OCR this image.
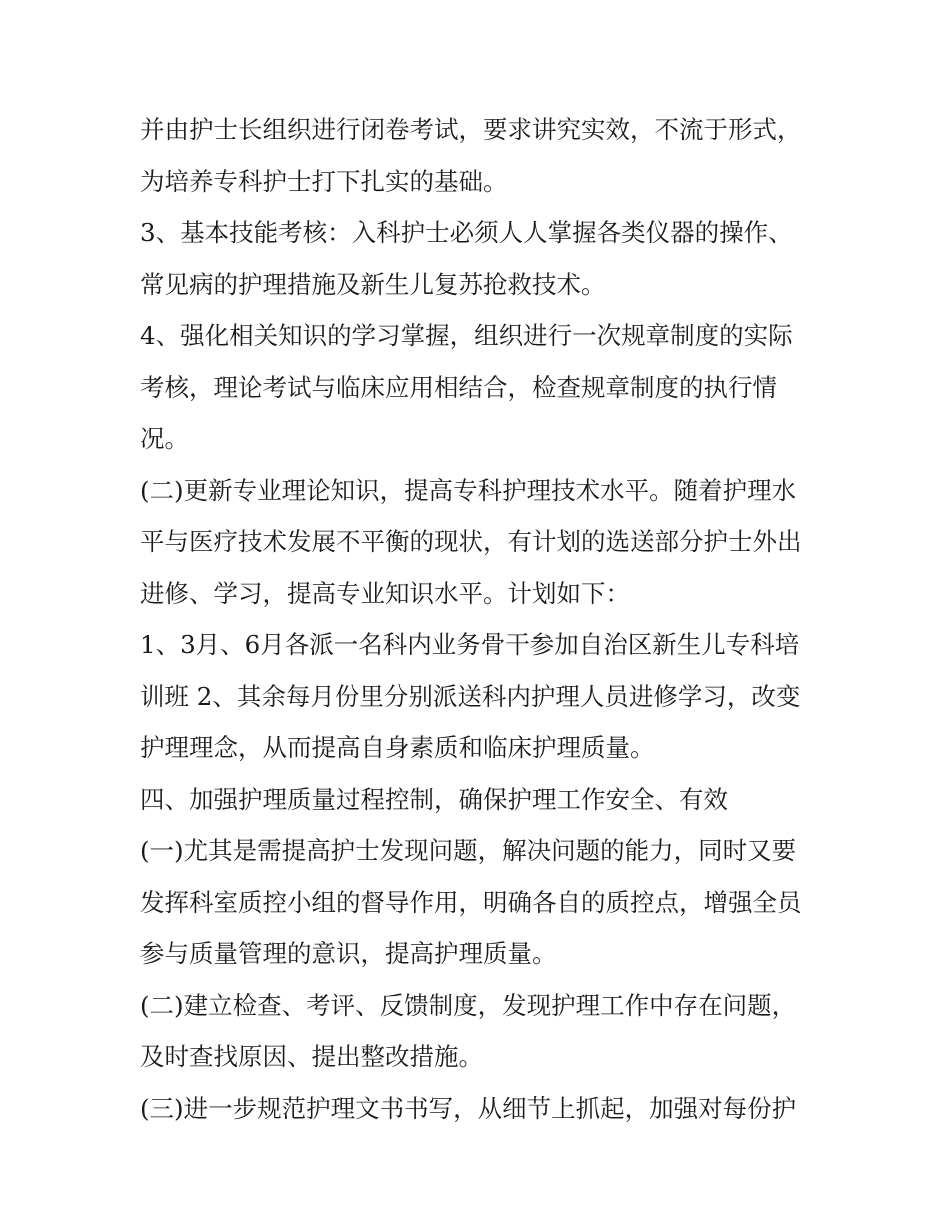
并由护士长组织进行闭卷考试，要求讲究实效，不流于形式，
为培养专科护士打下扎实的基础。
3、基本技能考核：入科护士必须人人掌握各类仪器的操作、
常见病的护理措施及新生儿复苏抢救技术。
4、强化相关知识的学习掌握，组织进行一次规章制度的实际
考核，理论考试与临床应用相结合，检查规章制度的执行情
况。
(二)更新专业理论知识，提高专科护理技术水平。随着护理水
平与医疗技术发展不平衡的现状，有计划的选送部分护士外出
进修、学习，提高专业知识水平。计划如下：
1、3月、6月各派一名科内业务骨干参加自治区新生儿专科培
训班 2、其余每月份里分别派送科内护理人员进修学习，改变
护理理念，从而提高自身素质和临床护理质量。
四、加强护理质量过程控制，确保护理工作安全、有效
(一)尤其是需提高护士发现问题，解决问题的能力，同时又要
发挥科室质控小组的督导作用，明确各自的质控点，增强全员
参与质量管理的意识，提高护理质量。
(二)建立检查、考评、反馈制度，发现护理工作中存在问题，
及时查找原因、提出整改措施。
(三)进一步规范护理文书书写，从细节上抓起，加强对每份护
